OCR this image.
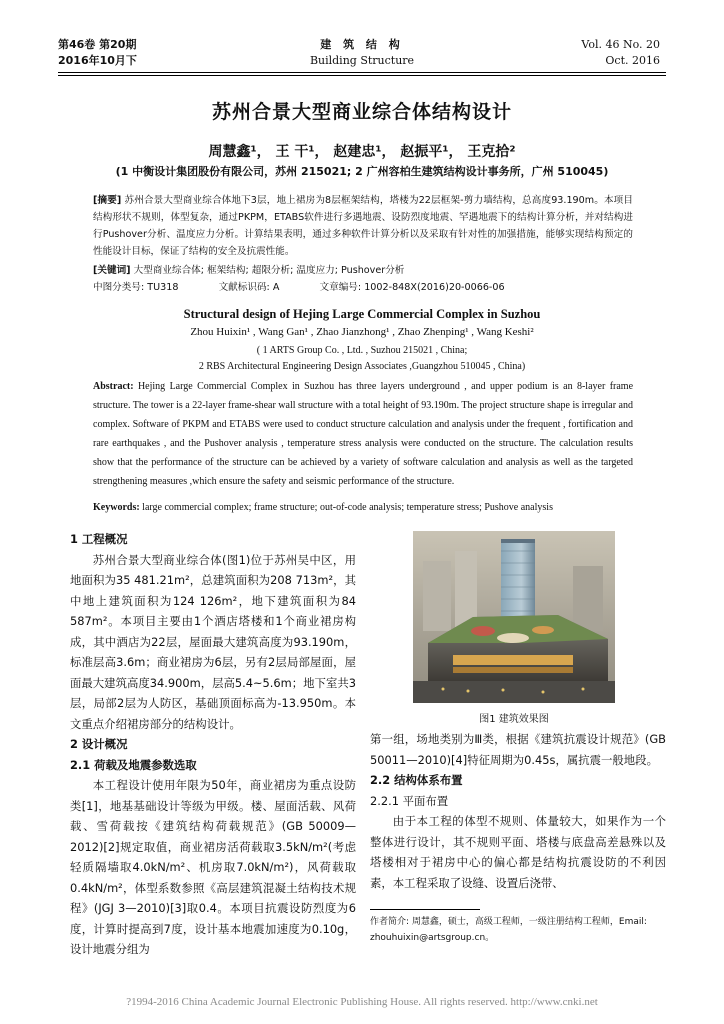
第46卷 第20期
2016年10月下
建 筑 结 构
Building Structure
Vol. 46 No. 20
Oct. 2016
苏州合景大型商业综合体结构设计
周慧鑫¹， 王 干¹， 赵建忠¹， 赵振平¹， 王克拾²
(1 中衡设计集团股份有限公司，苏州 215021; 2 广州容柏生建筑结构设计事务所，广州 510045)
[摘要] 苏州合景大型商业综合体地下3层，地上裙房为8层框架结构，塔楼为22层框架-剪力墙结构，总高度93.190m。本项目结构形状不规则，体型复杂，通过PKPM，ETABS软件进行多遇地震、设防烈度地震、罕遇地震下的结构计算分析，并对结构进行Pushover分析、温度应力分析。计算结果表明，通过多种软件计算分析以及采取有针对性的加强措施，能够实现结构预定的性能设计目标，保证了结构的安全及抗震性能。
[关键词] 大型商业综合体; 框架结构; 超限分析; 温度应力; Pushover分析
中图分类号: TU318	文献标识码: A	文章编号: 1002-848X(2016)20-0066-06
Structural design of Hejing Large Commercial Complex in Suzhou
Zhou Huixin¹ , Wang Gan¹ , Zhao Jianzhong¹ , Zhao Zhenping¹ , Wang Keshi²
( 1 ARTS Group Co. , Ltd. , Suzhou 215021 , China;
2 RBS Architectural Engineering Design Associates ,Guangzhou 510045 , China)
Abstract: Hejing Large Commercial Complex in Suzhou has three layers underground , and upper podium is an 8-layer frame structure. The tower is a 22-layer frame-shear wall structure with a total height of 93.190m. The project structure shape is irregular and complex. Software of PKPM and ETABS were used to conduct structure calculation and analysis under the frequent , fortification and rare earthquakes , and the Pushover analysis , temperature stress analysis were conducted on the structure. The calculation results show that the performance of the structure can be achieved by a variety of software calculation and analysis as well as the targeted strengthening measures ,which ensure the safety and seismic performance of the structure.
Keywords: large commercial complex; frame structure; out-of-code analysis; temperature stress; Pushove analysis

1 工程概况

苏州合景大型商业综合体(图1)位于苏州吴中区，用地面积为35 481.21m²，总建筑面积为208 713m²，其中地上建筑面积为124 126m²，地下建筑面积为84 587m²。本项目主要由1个酒店塔楼和1个商业裙房构成，其中酒店为22层，屋面最大建筑高度为93.190m，标准层高3.6m；商业裙房为6层，另有2层局部屋面，屋面最大建筑高度34.900m，层高5.4~5.6m；地下室共3层，局部2层为人防区，基础顶面标高为-13.950m。本文重点介绍裙房部分的结构设计。

2 设计概况

2.1 荷载及地震参数选取

本工程设计使用年限为50年，商业裙房为重点设防类[1]，地基基础设计等级为甲级。楼、屋面活载、风荷载、雪荷载按《建筑结构荷载规范》(GB 50009—2012)[2]规定取值，商业裙房活荷载取3.5kN/m²(考虑轻质隔墙取4.0kN/m²、机房取7.0kN/m²)，风荷载取0.4kN/m²，体型系数参照《高层建筑混凝土结构技术规程》(JGJ 3—2010)[3]取0.4。本项目抗震设防烈度为6度，计算时提高到7度，设计基本地震加速度为0.10g，设计地震分组为

图1 建筑效果图

第一组，场地类别为Ⅲ类，根据《建筑抗震设计规范》(GB 50011—2010)[4]特征周期为0.45s，属抗震一般地段。

2.2 结构体系布置

2.2.1 平面布置

由于本工程的体型不规则、体量较大，如果作为一个整体进行设计，其不规则平面、塔楼与底盘高差悬殊以及塔楼相对于裙房中心的偏心都是结构抗震设防的不利因素，本工程采取了设缝、设置后浇带、

作者简介: 周慧鑫，硕士，高级工程师，一级注册结构工程师，Email: zhouhuixin@artsgroup.cn。
?1994-2016 China Academic Journal Electronic Publishing House. All rights reserved. http://www.cnki.net
